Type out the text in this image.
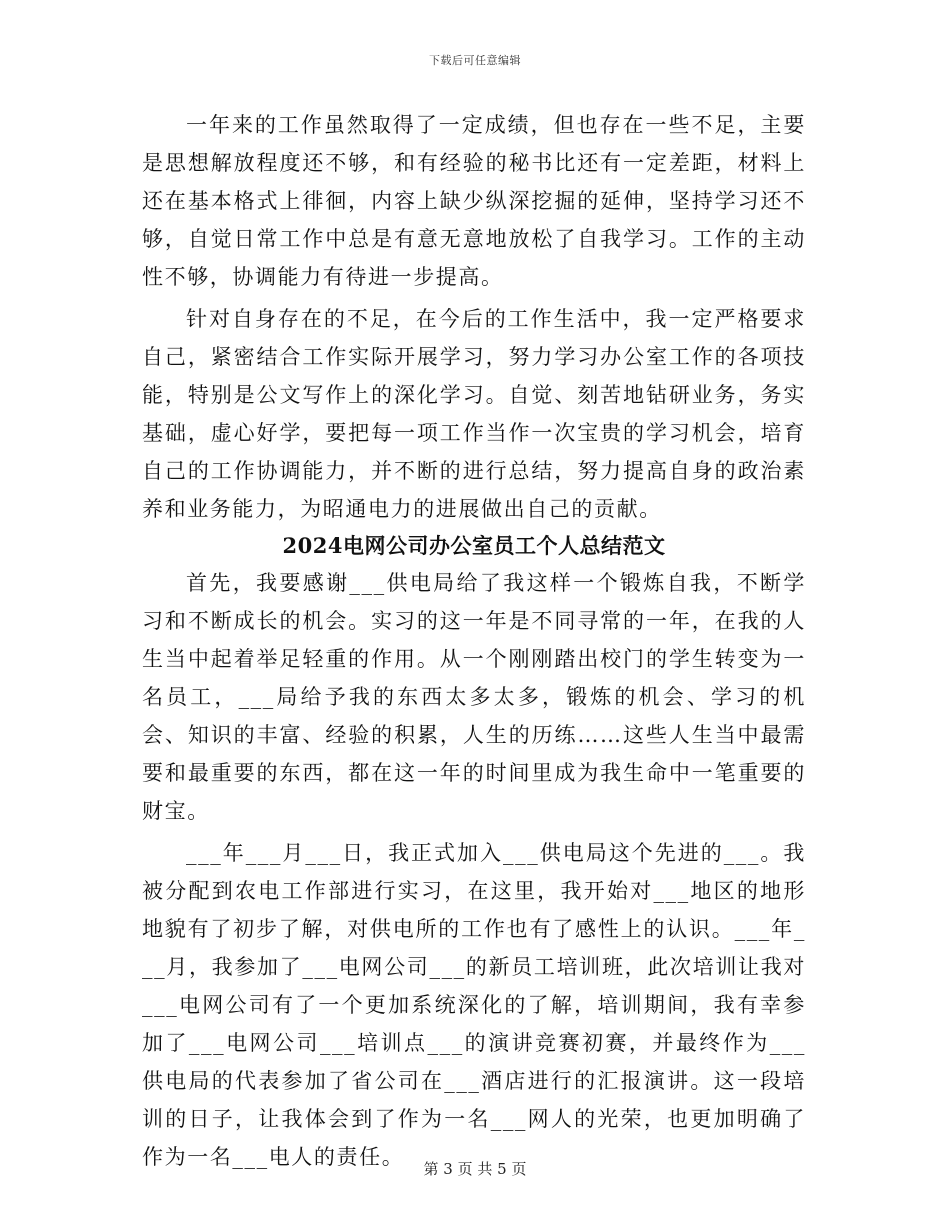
下载后可任意编辑

一年来的工作虽然取得了一定成绩，但也存在一些不足，主要是思想解放程度还不够，和有经验的秘书比还有一定差距，材料上还在基本格式上徘徊，内容上缺少纵深挖掘的延伸，坚持学习还不够，自觉日常工作中总是有意无意地放松了自我学习。工作的主动性不够，协调能力有待进一步提高。

针对自身存在的不足，在今后的工作生活中，我一定严格要求自己，紧密结合工作实际开展学习，努力学习办公室工作的各项技能，特别是公文写作上的深化学习。自觉、刻苦地钻研业务，务实基础，虚心好学，要把每一项工作当作一次宝贵的学习机会，培育自己的工作协调能力，并不断的进行总结，努力提高自身的政治素养和业务能力，为昭通电力的进展做出自己的贡献。

2024电网公司办公室员工个人总结范文

首先，我要感谢___供电局给了我这样一个锻炼自我，不断学习和不断成长的机会。实习的这一年是不同寻常的一年，在我的人生当中起着举足轻重的作用。从一个刚刚踏出校门的学生转变为一名员工，___局给予我的东西太多太多，锻炼的机会、学习的机会、知识的丰富、经验的积累，人生的历练……这些人生当中最需要和最重要的东西，都在这一年的时间里成为我生命中一笔重要的财宝。

___年___月___日，我正式加入___供电局这个先进的___。我被分配到农电工作部进行实习，在这里，我开始对___地区的地形地貌有了初步了解，对供电所的工作也有了感性上的认识。___年___月，我参加了___电网公司___的新员工培训班，此次培训让我对___电网公司有了一个更加系统深化的了解，培训期间，我有幸参加了___电网公司___培训点___的演讲竞赛初赛，并最终作为___供电局的代表参加了省公司在___酒店进行的汇报演讲。这一段培训的日子，让我体会到了作为一名___网人的光荣，也更加明确了作为一名___电人的责任。	第 3 页 共 5 页
